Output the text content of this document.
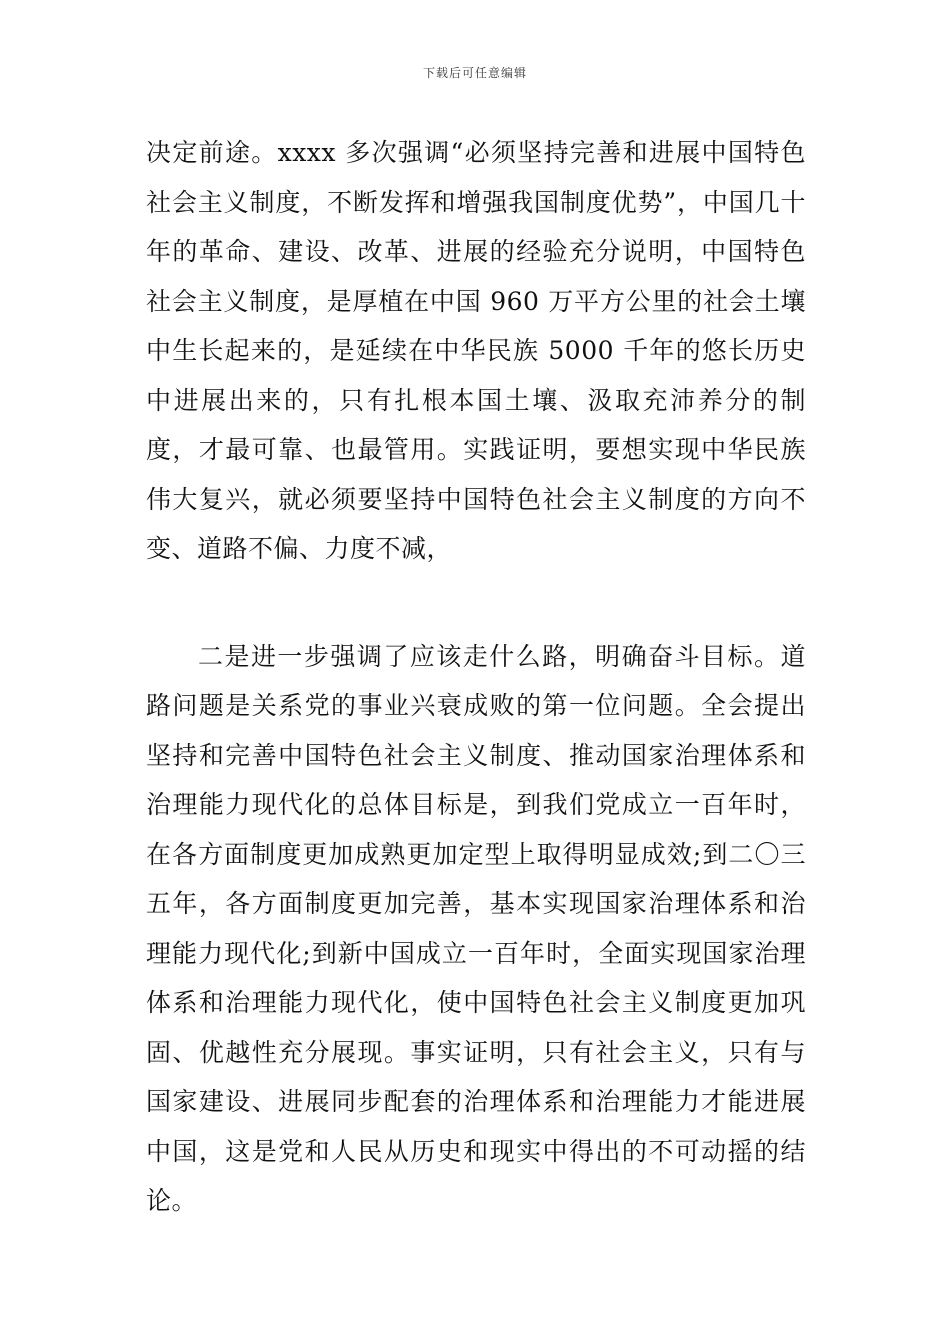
下载后可任意编辑

决定前途。xxxx 多次强调“必须坚持完善和进展中国特色社会主义制度，不断发挥和增强我国制度优势”，中国几十年的革命、建设、改革、进展的经验充分说明，中国特色社会主义制度，是厚植在中国 960 万平方公里的社会土壤中生长起来的，是延续在中华民族 5000 千年的悠长历史中进展出来的，只有扎根本国土壤、汲取充沛养分的制度，才最可靠、也最管用。实践证明，要想实现中华民族伟大复兴，就必须要坚持中国特色社会主义制度的方向不变、道路不偏、力度不减，

二是进一步强调了应该走什么路，明确奋斗目标。道路问题是关系党的事业兴衰成败的第一位问题。全会提出坚持和完善中国特色社会主义制度、推动国家治理体系和治理能力现代化的总体目标是，到我们党成立一百年时，在各方面制度更加成熟更加定型上取得明显成效;到二〇三五年，各方面制度更加完善，基本实现国家治理体系和治理能力现代化;到新中国成立一百年时，全面实现国家治理体系和治理能力现代化，使中国特色社会主义制度更加巩固、优越性充分展现。事实证明，只有社会主义，只有与国家建设、进展同步配套的治理体系和治理能力才能进展中国，这是党和人民从历史和现实中得出的不可动摇的结论。
